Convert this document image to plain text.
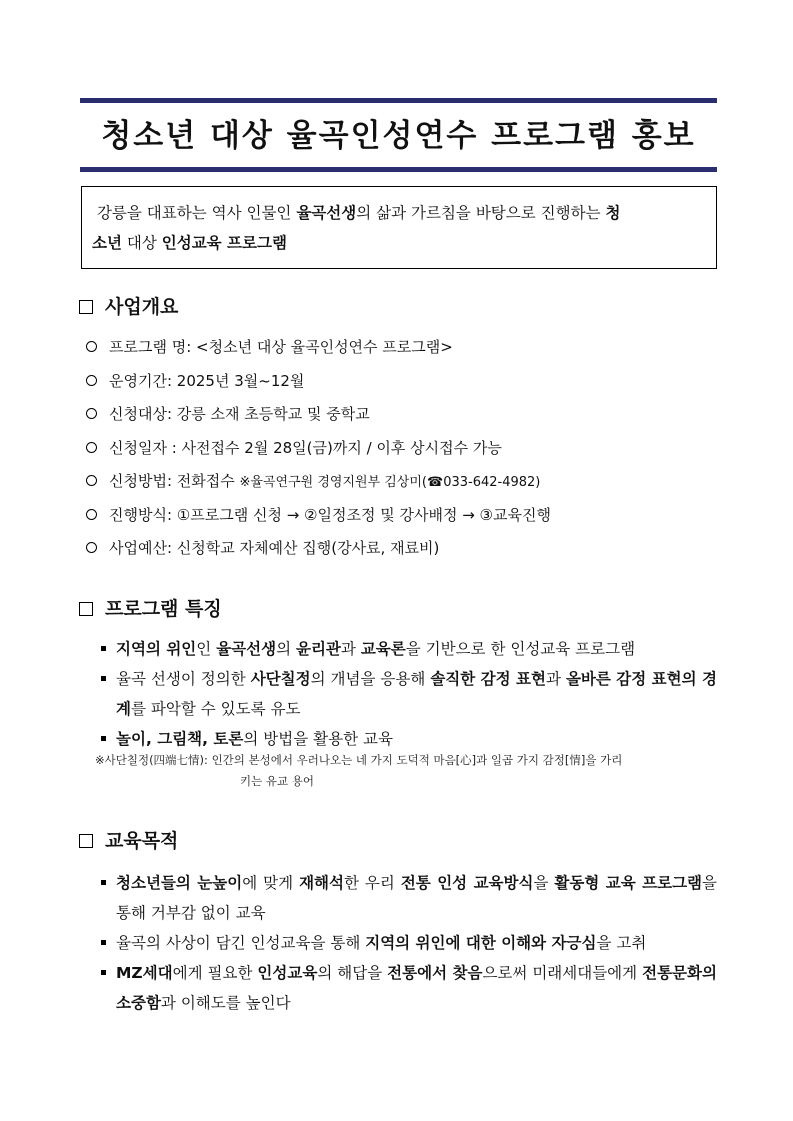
청소년 대상 율곡인성연수 프로그램 홍보
강릉을 대표하는 역사 인물인 율곡선생의 삶과 가르침을 바탕으로 진행하는 청
소년 대상 인성교육 프로그램
사업개요
프로그램 명: <청소년 대상 율곡인성연수 프로그램>
운영기간: 2025년 3월~12월
신청대상: 강릉 소재 초등학교 및 중학교
신청일자 : 사전접수 2월 28일(금)까지 / 이후 상시접수 가능
신청방법: 전화접수 ※율곡연구원 경영지원부 김상미(☎033-642-4982)
진행방식: ①프로그램 신청 → ②일정조정 및 강사배정 → ③교육진행
사업예산: 신청학교 자체예산 집행(강사료, 재료비)
프로그램 특징
지역의 위인인 율곡선생의 윤리관과 교육론을 기반으로 한 인성교육 프로그램
율곡 선생이 정의한 사단칠정의 개념을 응용해 솔직한 감정 표현과 올바른 감정 표현의 경계를 파악할 수 있도록 유도
놀이, 그림책, 토론의 방법을 활용한 교육
※사단칠정(四端七情): 인간의 본성에서 우러나오는 네 가지 도덕적 마음[心]과 일곱 가지 감정[情]을 가리
키는 유교 용어
교육목적
청소년들의 눈높이에 맞게 재해석한 우리 전통 인성 교육방식을 활동형 교육 프로그램을 통해 거부감 없이 교육
율곡의 사상이 담긴 인성교육을 통해 지역의 위인에 대한 이해와 자긍심을 고취
MZ세대에게 필요한 인성교육의 해답을 전통에서 찾음으로써 미래세대들에게 전통문화의 소중함과 이해도를 높인다
